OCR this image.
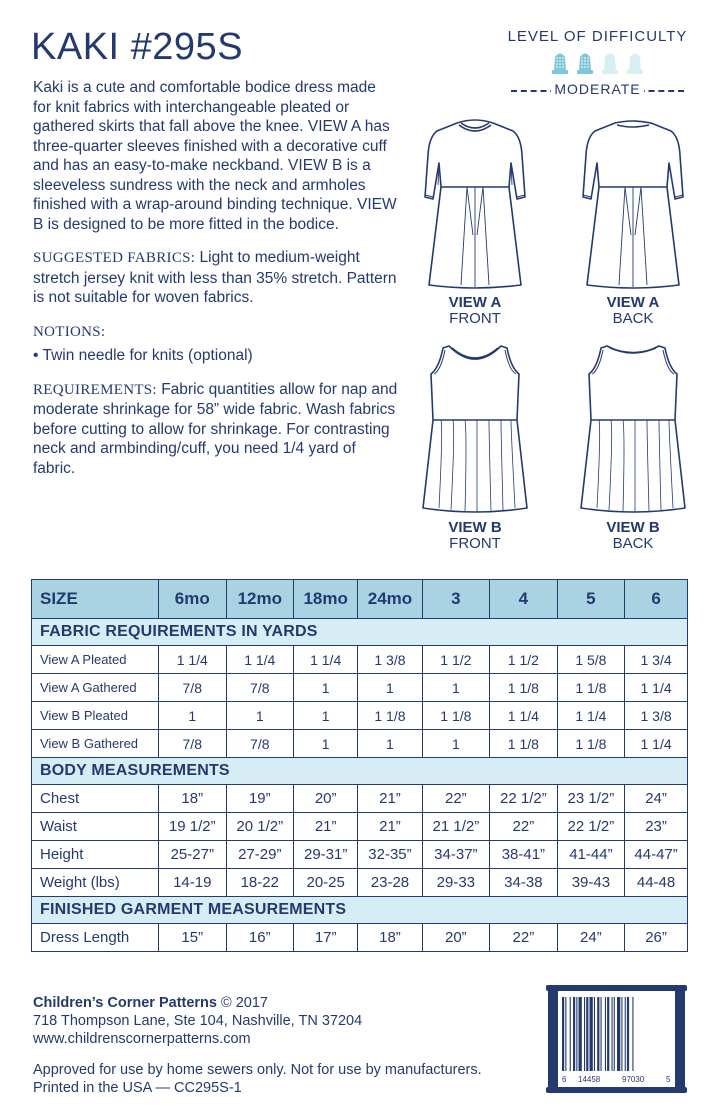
KAKI #295S	LEVEL OF DIFFICULTY
MODERATE

Kaki is a cute and comfortable bodice dress made for knit fabrics with interchangeable pleated or gathered skirts that fall above the knee. VIEW A has three-quarter sleeves finished with a decorative cuff and has an easy-to-make neckband. VIEW B is a sleeveless sundress with the neck and armholes finished with a wrap-around binding technique. VIEW B is designed to be more fitted in the bodice.

SUGGESTED FABRICS: Light to medium-weight stretch jersey knit with less than 35% stretch. Pattern is not suitable for woven fabrics.

NOTIONS:

• Twin needle for knits (optional)

REQUIREMENTS: Fabric quantities allow for nap and moderate shrinkage for 58” wide fabric. Wash fabrics before cutting to allow for shrinkage. For contrasting neck and armbinding/cuff, you need 1/4 yard of fabric.

VIEW A
FRONT
VIEW A
BACK
VIEW B
FRONT
VIEW B
BACK
SIZE	6mo	12mo	18mo	24mo	3	4	5	6
FABRIC REQUIREMENTS IN YARDS								
View A Pleated	1 1/4	1 1/4	1 1/4	1 3/8	1 1/2	1 1/2	1 5/8	1 3/4
View A Gathered	7/8	7/8	1	1	1	1 1/8	1 1/8	1 1/4
View B Pleated	1	1	1	1 1/8	1 1/8	1 1/4	1 1/4	1 3/8
View B Gathered	7/8	7/8	1	1	1	1 1/8	1 1/8	1 1/4
BODY MEASUREMENTS								
Chest	18”	19”	20”	21”	22”	22 1/2”	23 1/2”	24”
Waist	19 1/2”	20 1/2”	21”	21”	21 1/2”	22”	22 1/2”	23”
Height	25-27”	27-29”	29-31”	32-35”	34-37”	38-41”	41-44”	44-47”
Weight (lbs)	14-19	18-22	20-25	23-28	29-33	34-38	39-43	44-48
FINISHED GARMENT MEASUREMENTS								
Dress Length	15”	16”	17”	18”	20”	22”	24”	26”
Children’s Corner Patterns © 2017
718 Thompson Lane, Ste 104, Nashville, TN 37204
www.childrenscornerpatterns.com
Approved for use by home sewers only. Not for use by manufacturers.
Printed in the USA — CC295S-1
6 14458	97030	5
